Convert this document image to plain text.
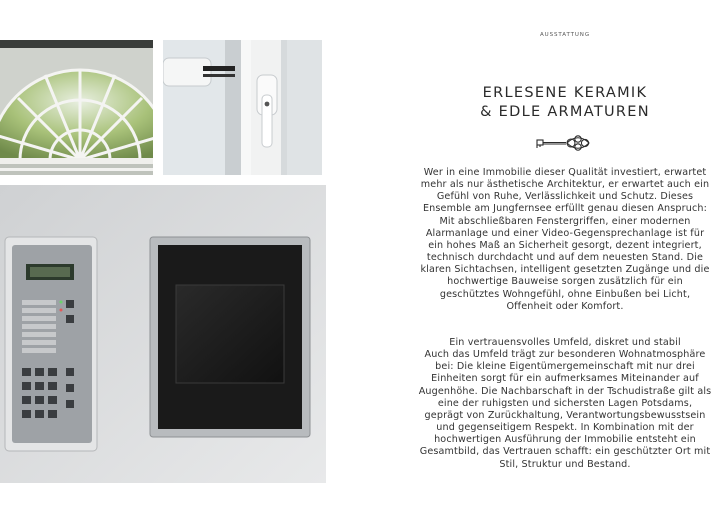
AUSSTATTUNG
ERLESENE KERAMIK
& EDLE ARMATUREN
Wer in eine Immobilie dieser Qualität investiert, erwartet
mehr als nur ästhetische Architektur, er erwartet auch ein
Gefühl von Ruhe, Verlässlichkeit und Schutz. Dieses
Ensemble am Jungfernsee erfüllt genau diesen Anspruch:
Mit abschließbaren Fenstergriffen, einer modernen
Alarmanlage und einer Video-Gegensprechanlage ist für
ein hohes Maß an Sicherheit gesorgt, dezent integriert,
technisch durchdacht und auf dem neuesten Stand. Die
klaren Sichtachsen, intelligent gesetzten Zugänge und die
hochwertige Bauweise sorgen zusätzlich für ein
geschütztes Wohngefühl, ohne Einbußen bei Licht,
Offenheit oder Komfort.
Ein vertrauensvolles Umfeld, diskret und stabil
Auch das Umfeld trägt zur besonderen Wohnatmosphäre
bei: Die kleine Eigentümergemeinschaft mit nur drei
Einheiten sorgt für ein aufmerksames Miteinander auf
Augenhöhe. Die Nachbarschaft in der Tschudistraße gilt als
eine der ruhigsten und sichersten Lagen Potsdams,
geprägt von Zurückhaltung, Verantwortungsbewusstsein
und gegenseitigem Respekt. In Kombination mit der
hochwertigen Ausführung der Immobilie entsteht ein
Gesamtbild, das Vertrauen schafft: ein geschützter Ort mit
Stil, Struktur und Bestand.
